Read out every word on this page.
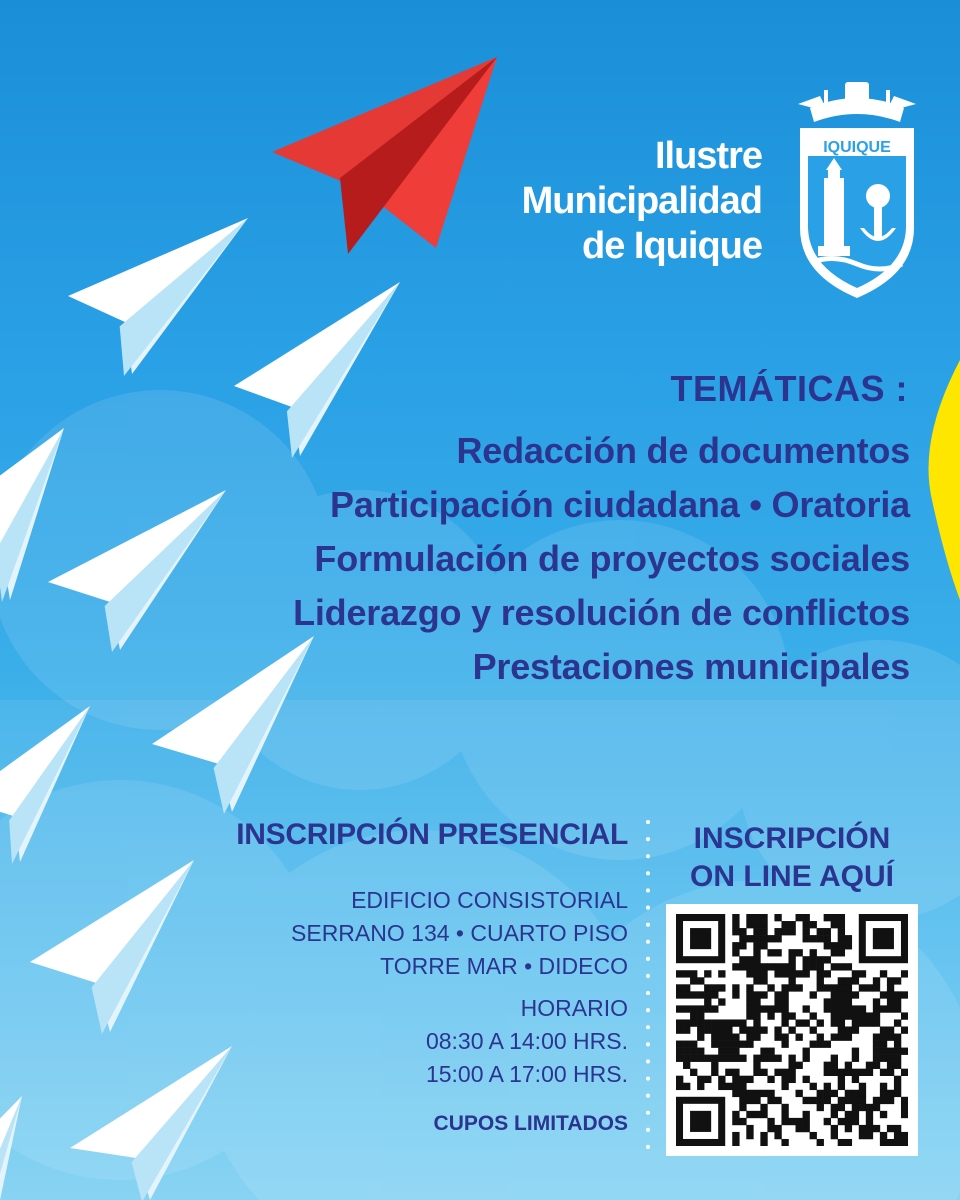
Ilustre
Municipalidad
de Iquique
IQUIQUE
TEMÁTICAS :
Redacción de documentos
Participación ciudadana • Oratoria
Formulación de proyectos sociales
Liderazgo y resolución de conflictos
Prestaciones municipales
INSCRIPCIÓN PRESENCIAL
EDIFICIO CONSISTORIAL
SERRANO 134 • CUARTO PISO
TORRE MAR • DIDECO
HORARIO
08:30 A 14:00 HRS.
15:00 A 17:00 HRS.
CUPOS LIMITADOS
INSCRIPCIÓN
ON LINE AQUÍ
